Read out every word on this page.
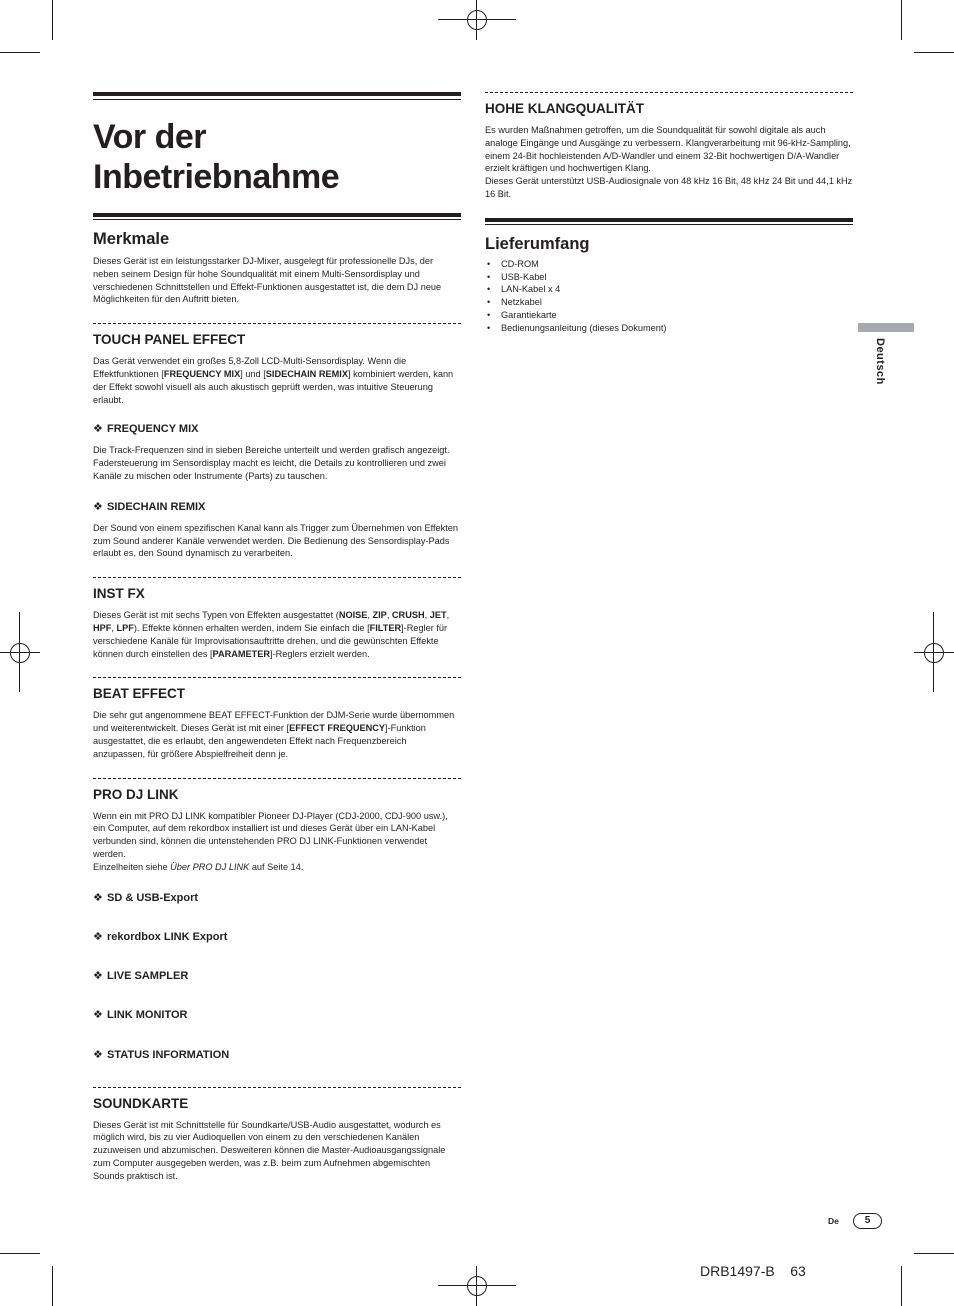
Vor der Inbetriebnahme
Merkmale

Dieses Gerät ist ein leistungsstarker DJ-Mixer, ausgelegt für professionelle DJs, der neben seinem Design für hohe Soundqualität mit einem Multi-Sensordisplay und verschiedenen Schnittstellen und Effekt-Funktionen ausgestattet ist, die dem DJ neue Möglichkeiten für den Auftritt bieten.

TOUCH PANEL EFFECT

Das Gerät verwendet ein großes 5,8-Zoll LCD-Multi-Sensordisplay. Wenn die Effektfunktionen [FREQUENCY MIX] und [SIDECHAIN REMIX] kombiniert werden, kann der Effekt sowohl visuell als auch akustisch geprüft werden, was intuitive Steuerung erlaubt.

❖ FREQUENCY MIX

Die Track-Frequenzen sind in sieben Bereiche unterteilt und werden grafisch angezeigt. Fadersteuerung im Sensordisplay macht es leicht, die Details zu kontrollieren und zwei Kanäle zu mischen oder Instrumente (Parts) zu tauschen.

❖ SIDECHAIN REMIX

Der Sound von einem spezifischen Kanal kann als Trigger zum Übernehmen von Effekten zum Sound anderer Kanäle verwendet werden. Die Bedienung des Sensordisplay-Pads erlaubt es, den Sound dynamisch zu verarbeiten.

INST FX

Dieses Gerät ist mit sechs Typen von Effekten ausgestattet (NOISE, ZIP, CRUSH, JET, HPF, LPF). Effekte können erhalten werden, indem Sie einfach die [FILTER]-Regler für verschiedene Kanäle für Improvisationsauftritte drehen, und die gewünschten Effekte können durch einstellen des [PARAMETER]-Reglers erzielt werden.

BEAT EFFECT

Die sehr gut angenommene BEAT EFFECT-Funktion der DJM-Serie wurde übernommen und weiterentwickelt. Dieses Gerät ist mit einer [EFFECT FREQUENCY]-Funktion ausgestattet, die es erlaubt, den angewendeten Effekt nach Frequenzbereich anzupassen, für größere Abspielfreiheit denn je.

PRO DJ LINK

Wenn ein mit PRO DJ LINK kompatibler Pioneer DJ-Player (CDJ-2000, CDJ-900 usw.), ein Computer, auf dem rekordbox installiert ist und dieses Gerät über ein LAN-Kabel verbunden sind, können die untenstehenden PRO DJ LINK-Funktionen verwendet werden.

Einzelheiten siehe Über PRO DJ LINK auf Seite 14.

❖ SD & USB-Export
❖ rekordbox LINK Export
❖ LIVE SAMPLER
❖ LINK MONITOR
❖ STATUS INFORMATION
SOUNDKARTE

Dieses Gerät ist mit Schnittstelle für Soundkarte/USB-Audio ausgestattet, wodurch es möglich wird, bis zu vier Audioquellen von einem zu den verschiedenen Kanälen zuzuweisen und abzumischen. Desweiteren können die Master-Audioausgangssignale zum Computer ausgegeben werden, was z.B. beim zum Aufnehmen abgemischten Sounds praktisch ist.

HOHE KLANGQUALITÄT

Es wurden Maßnahmen getroffen, um die Soundqualität für sowohl digitale als auch analoge Eingänge und Ausgänge zu verbessern. Klangverarbeitung mit 96-kHz-Sampling, einem 24-Bit hochleistenden A/D-Wandler und einem 32-Bit hochwertigen D/A-Wandler erzielt kräftigen und hochwertigen Klang.

Dieses Gerät unterstützt USB-Audiosignale von 48 kHz 16 Bit, 48 kHz 24 Bit und 44,1 kHz 16 Bit.

Lieferumfang
• CD-ROM
• USB-Kabel
• LAN-Kabel x 4
• Netzkabel
• Garantiekarte
• Bedienungsanleitung (dieses Dokument)
Deutsch
De	5
DRB1497-B    63
